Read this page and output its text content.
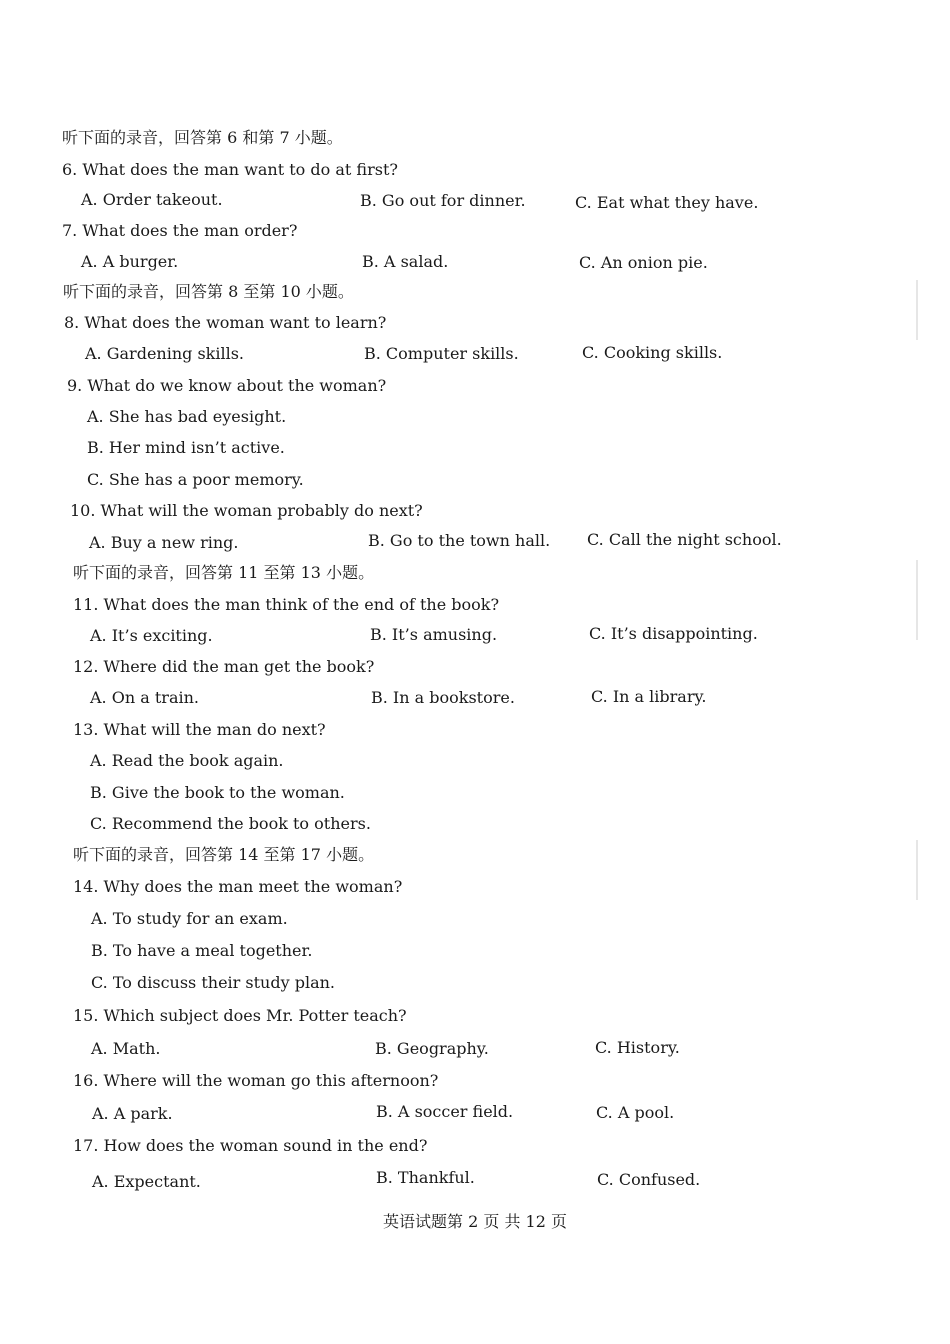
听下面的录音，回答第 6 和第 7 小题。
6. What does the man want to do at first?
A. Order takeout.	B. Go out for dinner.	C. Eat what they have.
7. What does the man order?
A. A burger.	B. A salad.	C. An onion pie.
听下面的录音，回答第 8 至第 10 小题。
8. What does the woman want to learn?
A. Gardening skills.	B. Computer skills.	C. Cooking skills.
9. What do we know about the woman?
A. She has bad eyesight.
B. Her mind isn’t active.
C. She has a poor memory.
10. What will the woman probably do next?
A. Buy a new ring.	B. Go to the town hall. C. Call the night school.
听下面的录音，回答第 11 至第 13 小题。
11. What does the man think of the end of the book?
A. It’s exciting.	B. It’s amusing.	C. It’s disappointing.
12. Where did the man get the book?
A. On a train.	B. In a bookstore.	C. In a library.
13. What will the man do next?
A. Read the book again.
B. Give the book to the woman.
C. Recommend the book to others.
听下面的录音，回答第 14 至第 17 小题。
14. Why does the man meet the woman?
A. To study for an exam.
B. To have a meal together.
C. To discuss their study plan.
15. Which subject does Mr. Potter teach?
A. Math.	B. Geography.	C. History.
16. Where will the woman go this afternoon?
A. A park.	B. A soccer field.	C. A pool.
17. How does the woman sound in the end?
A. Expectant.	B. Thankful.	C. Confused.
英语试题第 2 页 共 12 页
